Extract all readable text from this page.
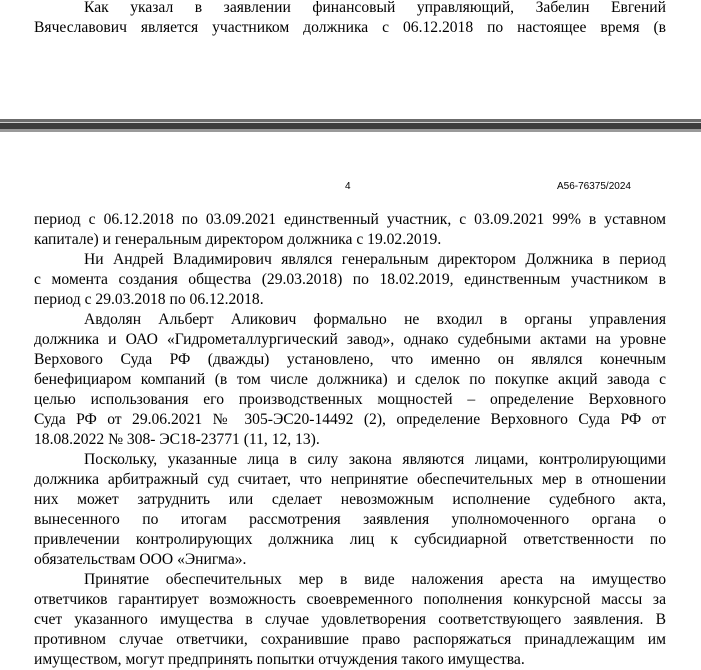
Как указал в заявлении финансовый управляющий, Забелин Евгений
Вячеславович является участником должника с 06.12.2018 по настоящее время (в
4	А56-76375/2024
период с 06.12.2018 по 03.09.2021 единственный участник, с 03.09.2021 99% в уставном
капитале) и генеральным директором должника с 19.02.2019.
Ни Андрей Владимирович являлся генеральным директором Должника в период
с момента создания общества (29.03.2018) по 18.02.2019, единственным участником в
период с 29.03.2018 по 06.12.2018.
Авдолян Альберт Аликович формально не входил в органы управления
должника и ОАО «Гидрометаллургический завод», однако судебными актами на уровне
Верхового Суда РФ (дважды) установлено, что именно он являлся конечным
бенефициаром компаний (в том числе должника) и сделок по покупке акций завода с
целью использования его производственных мощностей – определение Верховного
Суда РФ от 29.06.2021 № 305-ЭС20-14492 (2), определение Верховного Суда РФ от
18.08.2022 № 308- ЭС18-23771 (11, 12, 13).
Поскольку, указанные лица в силу закона являются лицами, контролирующими
должника арбитражный суд считает, что непринятие обеспечительных мер в отношении
них может затруднить или сделает невозможным исполнение судебного акта,
вынесенного по итогам рассмотрения заявления уполномоченного органа о
привлечении контролирующих должника лиц к субсидиарной ответственности по
обязательствам ООО «Энигма».
Принятие обеспечительных мер в виде наложения ареста на имущество
ответчиков гарантирует возможность своевременного пополнения конкурсной массы за
счет указанного имущества в случае удовлетворения соответствующего заявления. В
противном случае ответчики, сохранившие право распоряжаться принадлежащим им
имуществом, могут предпринять попытки отчуждения такого имущества.
